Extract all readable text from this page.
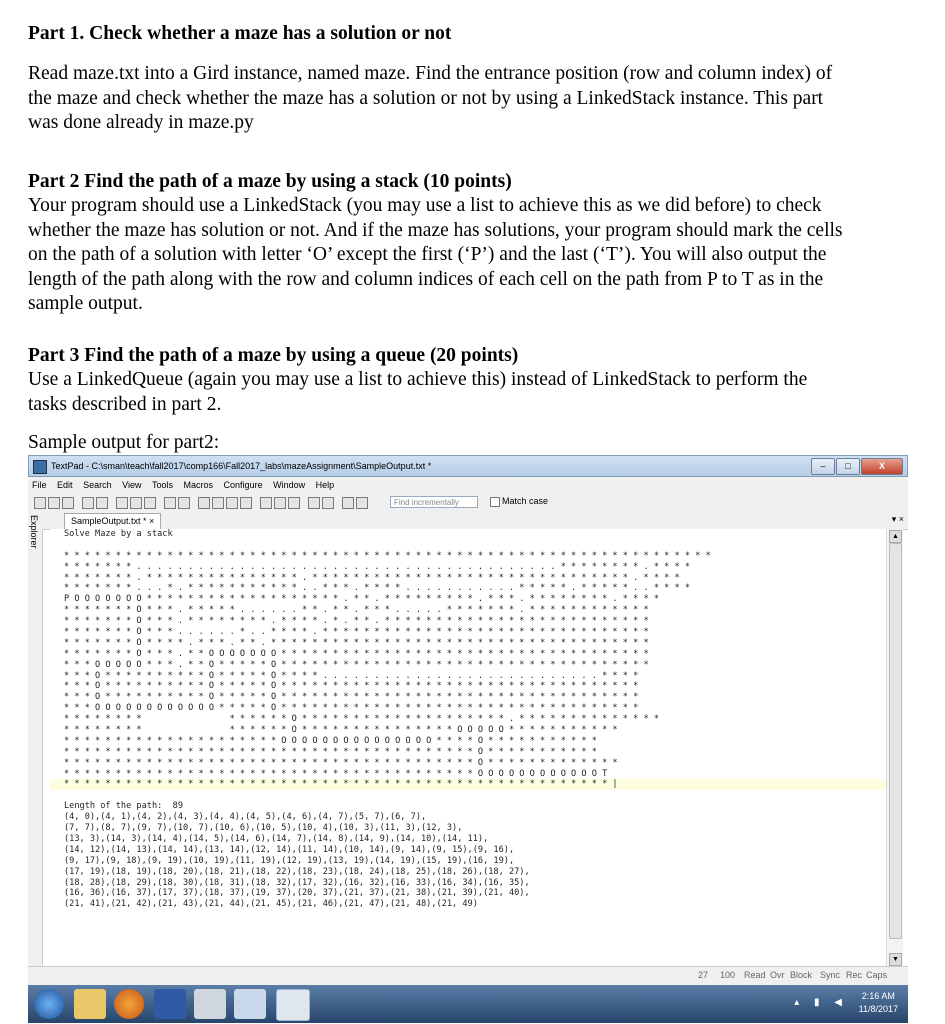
Part 1. Check whether a maze has a solution or not

Read maze.txt into a Gird instance, named maze. Find the entrance position (row and column index) of the maze and check whether the maze has a solution or not by using a LinkedStack instance. This part was done already in maze.py

Part 2 Find the path of a maze by using a stack (10 points)

Your program should use a LinkedStack (you may use a list to achieve this as we did before) to check whether the maze has solution or not. And if the maze has solutions, your program should mark the cells on the path of a solution with letter ‘O’ except the first (‘P’) and the last (‘T’). You will also output the length of the path along with the row and column indices of each cell on the path from P to T as in the sample output.

Part 3 Find the path of a maze by using a queue (20 points)

Use a LinkedQueue (again you may use a list to achieve this) instead of LinkedStack to perform the tasks described in part 2.

Sample output for part2:
TextPad - C:\sman\teach\fall2017\comp166\Fall2017_labs\mazeAssignment\SampleOutput.txt *	–	□	X
File Edit Search View Tools Macros Configure Window Help
Find incrementally	Match case
Explorer	SampleOutput.txt * ×	▾ ×
Solve Maze by a stack
* * * * * * * * * * * * * * * * * * * * * * * * * * * * * * * * * * * * * * * * * * * * * * * * * * * * * * * * * * * * * * *
* * * * * * * . . . . . . . . . . . . . . . . . . . . . . . . . . . . . . . . . . . . . . . . . * * * * * * * * . * * * *
* * * * * * * . * * * * * * * * * * * * * * * . * * * * * * * * * * * * * * * * * * * * * * * * * * * * * * * . * * * *
* * * * * * * . . . * . * * * * * * * * * * * . . * * * . * * * * . . . . . . . . . . . * * * * * . * * * * * . . * * * *
P O O O O O O O * * * * * * * * * * * * * * * * * * * . * * . * * * * * * * * * . * * * . * * * * * * * * . * * * *
* * * * * * * O * * * . * * * * * . . . . . . * * . * * . * * * . . . . . * * * * * * * . * * * * * * * * * * * *
* * * * * * * O * * * . * * * * * * * * . * * * * . * . * * . * * * * * * * * * * * * * * * * * * * * * * * * * *
* * * * * * * O * * * . . . . . . * . . * * * * . * * * * * * * * * * * * * * * * * * * * * * * * * * * * * * * *
* * * * * * * O * * * * . * * * . * * . * * * * * * * * * * * * * * * * * * * * * * * * * * * * * * * * * * * * *
* * * * * * * O * * * . * * O O O O O O O * * * * * * * * * * * * * * * * * * * * * * * * * * * * * * * * * * * *
* * * O O O O O * * * . * * O * * * * * O * * * * * * * * * * * * * * * * * * * * * * * * * * * * * * * * * * * *
* * * O * * * * * * * * * * O * * * * * O * * * * . . . . . . . . . . . . . . . . . . . . . . . . . . . * * * *
* * * O * * * * * * * * * * O * * * * * O * * * * * * * * * * * * * * * * * * * * * * * * * * * * * * * * * * *
* * * O * * * * * * * * * * O * * * * * O * * * * * * * * * * * * * * * * * * * * * * * * * * * * * * * * * * *
* * * O O O O O O O O O O O O * * * * * O * * * * * * * * * * * * * * * * * * * * * * * * * * * * * * * * * * *
* * * * * * * *                 * * * * * * O * * * * * * * * * * * * * * * * * * * * . * * * * * * * * * * * * * *
* * * * * * * *                 * * * * * * O * * * * * * * * * * * * * * * O O O O O * * * * * * * * * * *
* * * * * * * * * * * * * * * * * * * * * O O O O O O O O O O O O O O O * * * * O * * * * * * * * * * *
* * * * * * * * * * * * * * * * * * * * * * * * * * * * * * * * * * * * * * * * O * * * * * * * * * * *
* * * * * * * * * * * * * * * * * * * * * * * * * * * * * * * * * * * * * * * * O * * * * * * * * * * * * *
* * * * * * * * * * * * * * * * * * * * * * * * * * * * * * * * * * * * * * * * O O O O O O O O O O O O T
* * * * * * * * * * * * * * * * * * * * * * * * * * * * * * * * * * * * * * * * * * * * * * * * * * * * * |
Length of the path:  89
(4, 0),(4, 1),(4, 2),(4, 3),(4, 4),(4, 5),(4, 6),(4, 7),(5, 7),(6, 7),
(7, 7),(8, 7),(9, 7),(10, 7),(10, 6),(10, 5),(10, 4),(10, 3),(11, 3),(12, 3),
(13, 3),(14, 3),(14, 4),(14, 5),(14, 6),(14, 7),(14, 8),(14, 9),(14, 10),(14, 11),
(14, 12),(14, 13),(14, 14),(13, 14),(12, 14),(11, 14),(10, 14),(9, 14),(9, 15),(9, 16),
(9, 17),(9, 18),(9, 19),(10, 19),(11, 19),(12, 19),(13, 19),(14, 19),(15, 19),(16, 19),
(17, 19),(18, 19),(18, 20),(18, 21),(18, 22),(18, 23),(18, 24),(18, 25),(18, 26),(18, 27),
(18, 28),(18, 29),(18, 30),(18, 31),(18, 32),(17, 32),(16, 32),(16, 33),(16, 34),(16, 35),
(16, 36),(16, 37),(17, 37),(18, 37),(19, 37),(20, 37),(21, 37),(21, 38),(21, 39),(21, 40),
(21, 41),(21, 42),(21, 43),(21, 44),(21, 45),(21, 46),(21, 47),(21, 48),(21, 49)
▲
▼
27 100 Read Ovr Block Sync Rec Caps
▴ ▮ ◀
2:16 AM
11/8/2017
